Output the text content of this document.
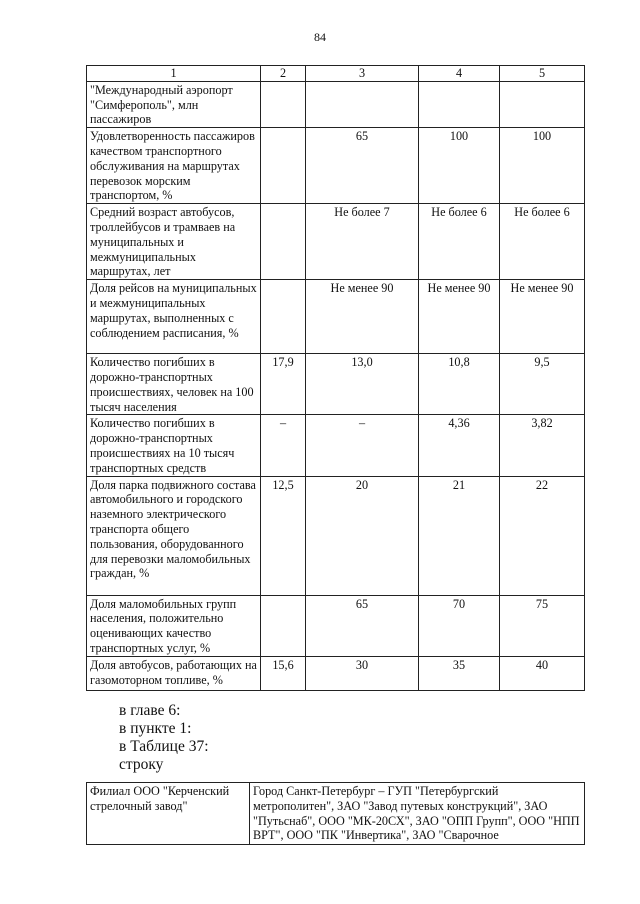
84
1	2	3	4	5
"Международный аэропорт "Симферополь", млн пассажиров				
Удовлетворенность пассажиров качеством транспортного обслуживания на маршрутах перевозок морским транспортом, %		65	100	100
Средний возраст автобусов, троллейбусов и трамваев на муниципальных и межмуниципальных маршрутах, лет		Не более 7	Не более 6	Не более 6
Доля рейсов на муниципальных и межмуниципальных маршрутах, выполненных с соблюдением расписания, %		Не менее 90	Не менее 90	Не менее 90
Количество погибших в дорожно-транспортных происшествиях, человек на 100 тысяч населения	17,9	13,0	10,8	9,5
Количество погибших в дорожно-транспортных происшествиях на 10 тысяч транспортных средств	–	–	4,36	3,82
Доля парка подвижного состава автомобильного и городского наземного электрического транспорта общего пользования, оборудованного для перевозки маломобильных граждан, %	12,5	20	21	22
Доля маломобильных групп населения, положительно оценивающих качество транспортных услуг, %		65	70	75
Доля автобусов, работающих на газомоторном топливе, %	15,6	30	35	40
в главе 6:
в пункте 1:
в Таблице 37:
строку
Филиал ООО "Керченский стрелочный завод"	Город Санкт-Петербург – ГУП "Петербургский метрополитен", ЗАО "Завод путевых конструкций", ЗАО "Путьснаб", ООО "МК-20СХ", ЗАО "ОПП Групп", ООО "НПП ВРТ", ООО "ПК "Инвертика", ЗАО "Сварочное
